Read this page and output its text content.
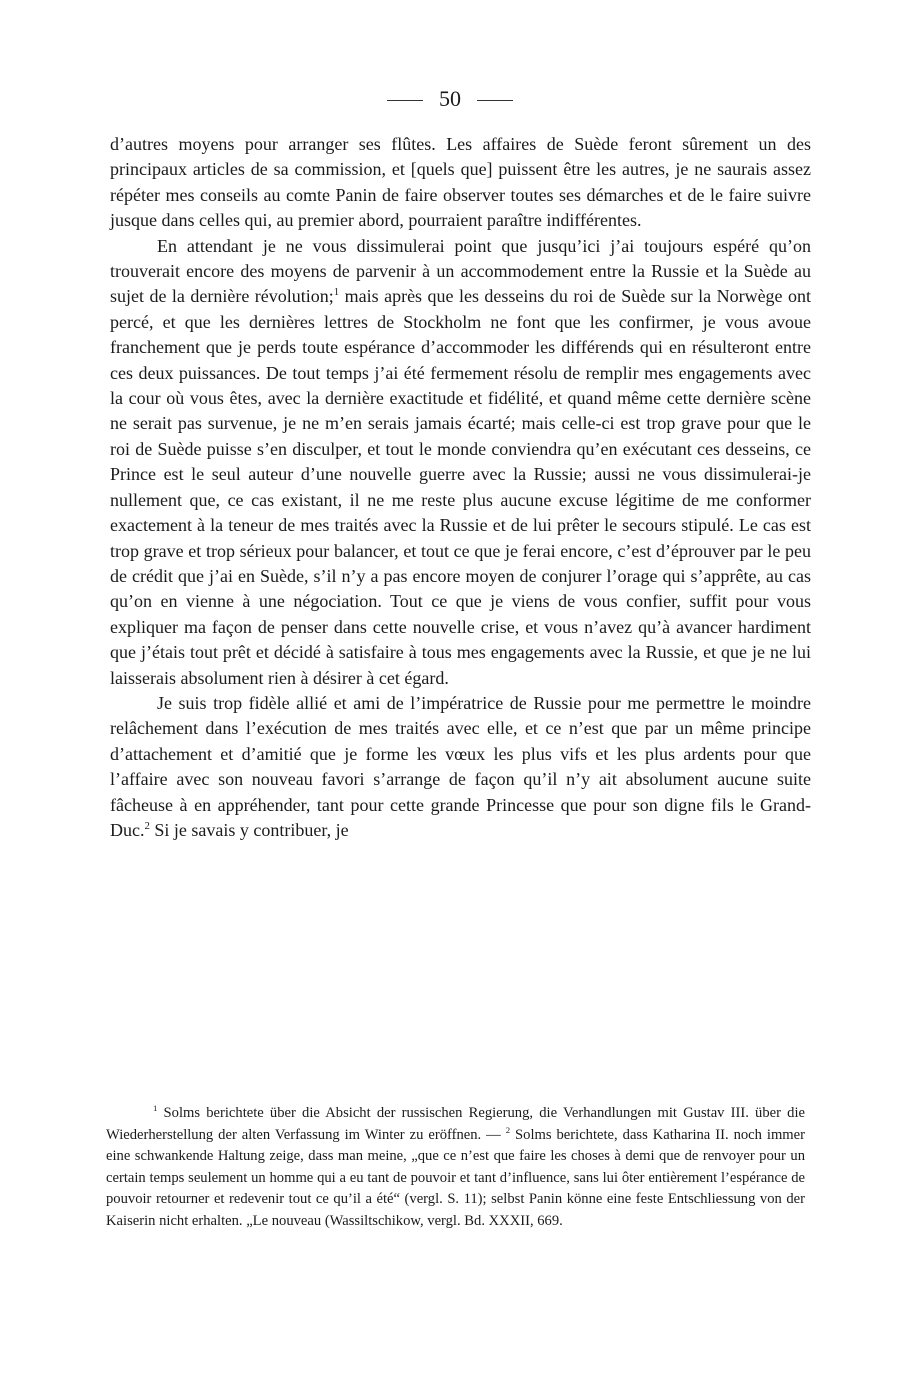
50

d’autres moyens pour arranger ses flûtes. Les affaires de Suède feront sûrement un des principaux articles de sa commission, et [quels que] puissent être les autres, je ne saurais assez répéter mes conseils au comte Panin de faire observer toutes ses démarches et de le faire suivre jusque dans celles qui, au premier abord, pourraient paraître indifférentes.

En attendant je ne vous dissimulerai point que jusqu’ici j’ai toujours espéré qu’on trouverait encore des moyens de parvenir à un accommodement entre la Russie et la Suède au sujet de la dernière révolution;$^1$ mais après que les desseins du roi de Suède sur la Norwège ont percé, et que les dernières lettres de Stockholm ne font que les confirmer, je vous avoue franchement que je perds toute espérance d’accommoder les différends qui en résulteront entre ces deux puissances. De tout temps j’ai été fermement résolu de remplir mes engagements avec la cour où vous êtes, avec la dernière exactitude et fidélité, et quand même cette dernière scène ne serait pas survenue, je ne m’en serais jamais écarté; mais celle-ci est trop grave pour que le roi de Suède puisse s’en disculper, et tout le monde conviendra qu’en exécutant ces desseins, ce Prince est le seul auteur d’une nouvelle guerre avec la Russie; aussi ne vous dissimulerai-je nullement que, ce cas existant, il ne me reste plus aucune excuse légitime de me conformer exactement à la teneur de mes traités avec la Russie et de lui prêter le secours stipulé. Le cas est trop grave et trop sérieux pour balancer, et tout ce que je ferai encore, c’est d’éprouver par le peu de crédit que j’ai en Suède, s’il n’y a pas encore moyen de conjurer l’orage qui s’apprête, au cas qu’on en vienne à une négociation. Tout ce que je viens de vous confier, suffit pour vous expliquer ma façon de penser dans cette nouvelle crise, et vous n’avez qu’à avancer hardiment que j’étais tout prêt et décidé à satisfaire à tous mes engagements avec la Russie, et que je ne lui laisserais absolument rien à désirer à cet égard.

Je suis trop fidèle allié et ami de l’impératrice de Russie pour me permettre le moindre relâchement dans l’exécution de mes traités avec elle, et ce n’est que par un même principe d’attachement et d’amitié que je forme les vœux les plus vifs et les plus ardents pour que l’affaire avec son nouveau favori s’arrange de façon qu’il n’y ait absolument aucune suite fâcheuse à en appréhender, tant pour cette grande Princesse que pour son digne fils le Grand-Duc.$^2$ Si je savais y contribuer, je

$^1$ Solms berichtete über die Absicht der russischen Regierung, die Verhandlungen mit Gustav III. über die Wiederherstellung der alten Verfassung im Winter zu eröffnen. — $^2$ Solms berichtete, dass Katharina II. noch immer eine schwankende Haltung zeige, dass man meine, „que ce n’est que faire les choses à demi que de renvoyer pour un certain temps seulement un homme qui a eu tant de pouvoir et tant d’influence, sans lui ôter entièrement l’espérance de pouvoir retourner et redevenir tout ce qu’il a été“ (vergl. S. 11); selbst Panin könne eine feste Entschliessung von der Kaiserin nicht erhalten. „Le nouveau (Wassiltschikow, vergl. Bd. XXXII, 669.
